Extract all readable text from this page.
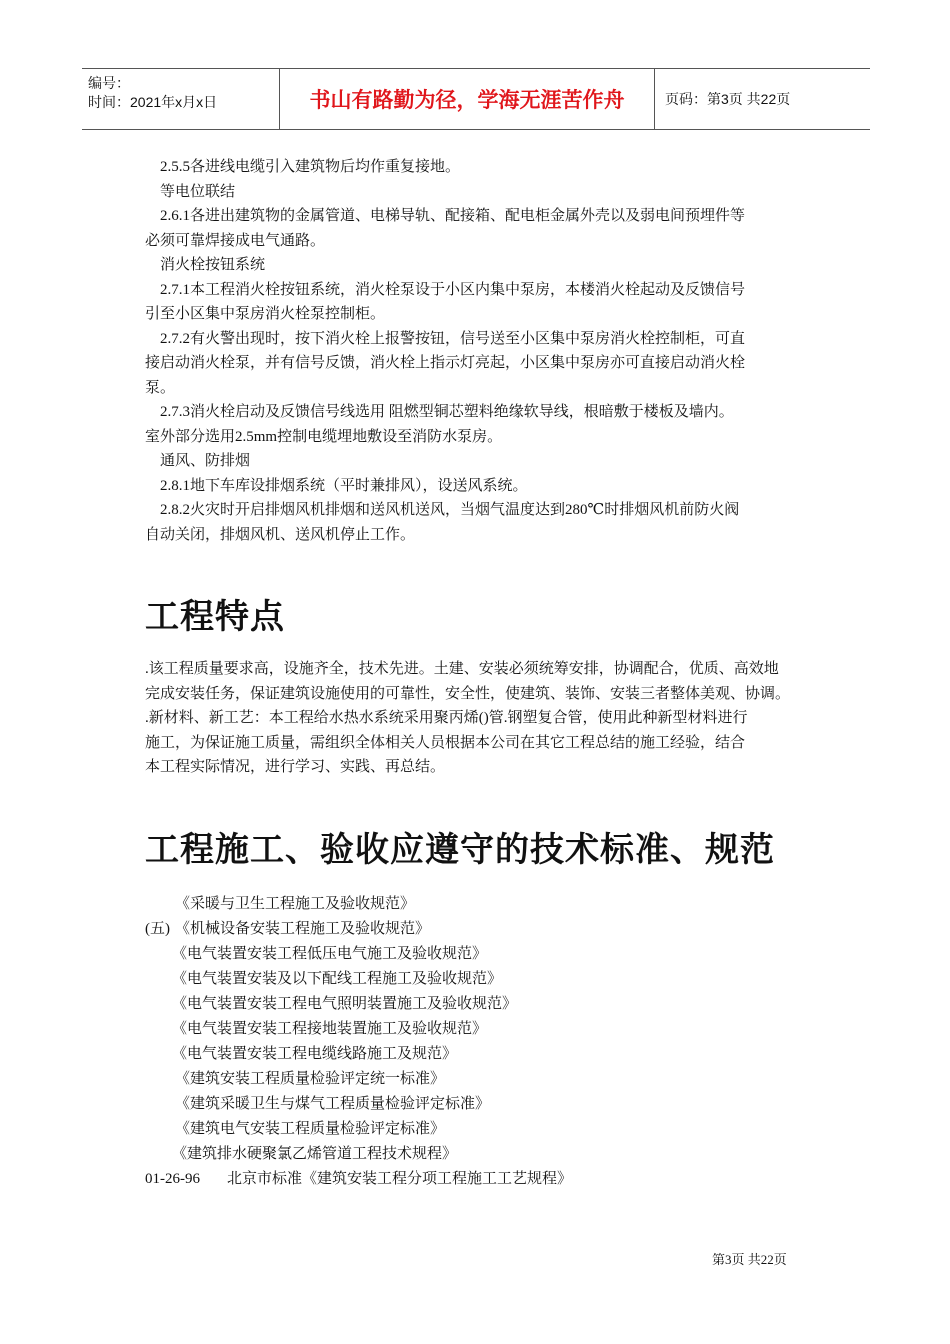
编号：
时间：2021年x月x日	书山有路勤为径，学海无涯苦作舟	页码：第3页 共22页

2.5.5各进线电缆引入建筑物后均作重复接地。

等电位联结

2.6.1各进出建筑物的金属管道、电梯导轨、配接箱、配电柜金属外壳以及弱电间预埋件等

必须可靠焊接成电气通路。

消火栓按钮系统

2.7.1本工程消火栓按钮系统，消火栓泵设于小区内集中泵房，本楼消火栓起动及反馈信号

引至小区集中泵房消火栓泵控制柜。

2.7.2有火警出现时，按下消火栓上报警按钮，信号送至小区集中泵房消火栓控制柜，可直

接启动消火栓泵，并有信号反馈，消火栓上指示灯亮起，小区集中泵房亦可直接启动消火栓

泵。

2.7.3消火栓启动及反馈信号线选用 阻燃型铜芯塑料绝缘软导线，根暗敷于楼板及墙内。

室外部分选用2.5mm控制电缆埋地敷设至消防水泵房。

通风、防排烟

2.8.1地下车库设排烟系统（平时兼排风），设送风系统。

2.8.2火灾时开启排烟风机排烟和送风机送风，当烟气温度达到280℃时排烟风机前防火阀

自动关闭，排烟风机、送风机停止工作。

工程特点

.该工程质量要求高，设施齐全，技术先进。土建、安装必须统筹安排，协调配合，优质、高效地

完成安装任务，保证建筑设施使用的可靠性，安全性，使建筑、装饰、安装三者整体美观、协调。

.新材料、新工艺：本工程给水热水系统采用聚丙烯()管.钢塑复合管，使用此种新型材料进行

施工，为保证施工质量，需组织全体相关人员根据本公司在其它工程总结的施工经验，结合

本工程实际情况，进行学习、实践、再总结。

工程施工、验收应遵守的技术标准、规范
《采暖与卫生工程施工及验收规范》
(五) 《机械设备安装工程施工及验收规范》
《电气装置安装工程低压电气施工及验收规范》
《电气装置安装及以下配线工程施工及验收规范》
《电气装置安装工程电气照明装置施工及验收规范》
《电气装置安装工程接地装置施工及验收规范》
《电气装置安装工程电缆线路施工及规范》
《建筑安装工程质量检验评定统一标准》
《建筑采暖卫生与煤气工程质量检验评定标准》
《建筑电气安装工程质量检验评定标准》
《建筑排水硬聚氯乙烯管道工程技术规程》
01-26-96	北京市标准《建筑安装工程分项工程施工工艺规程》
第3页 共22页
